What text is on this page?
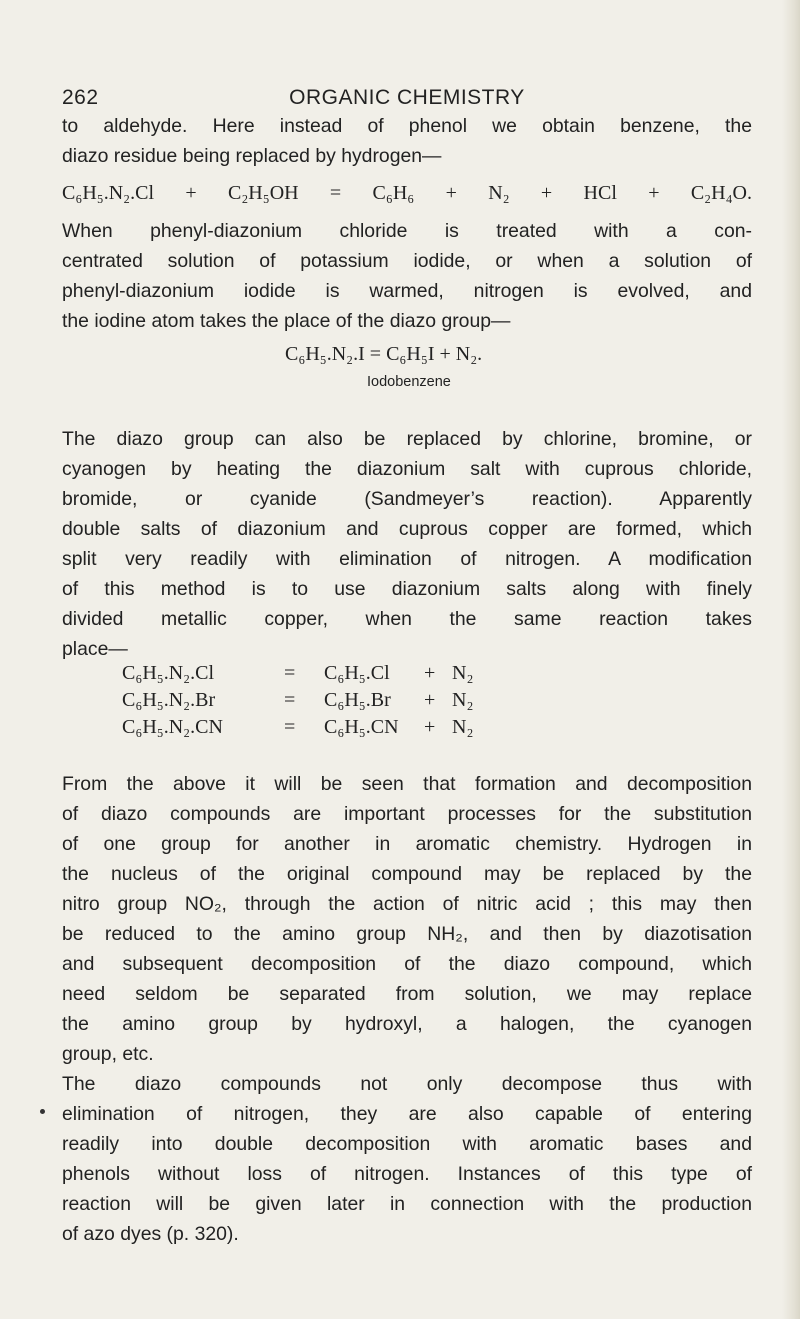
262	ORGANIC CHEMISTRY
to aldehyde. Here instead of phenol we obtain benzene, the
diazo residue being replaced by hydrogen—
C₆H₅.N₂.Cl + C₂H₅OH = C₆H₆ + N₂ + HCl + C₂H₄O.
When phenyl-diazonium chloride is treated with a con-
centrated solution of potassium iodide, or when a solution of
phenyl-diazonium iodide is warmed, nitrogen is evolved, and
the iodine atom takes the place of the diazo group—
C₆H₅.N₂.I = C₆H₅I + N₂.
Iodobenzene
The diazo group can also be replaced by chlorine, bromine, or
cyanogen by heating the diazonium salt with cuprous chloride,
bromide, or cyanide (Sandmeyer’s reaction). Apparently
double salts of diazonium and cuprous copper are formed, which
split very readily with elimination of nitrogen. A modification
of this method is to use diazonium salts along with finely
divided metallic copper, when the same reaction takes
place—
C₆H₅.N₂.Cl	= C₆H₅.Cl + N₂
C₆H₅.N₂.Br	= C₆H₅.Br + N₂
C₆H₅.N₂.CN	= C₆H₅.CN + N₂
From the above it will be seen that formation and decomposition
of diazo compounds are important processes for the substitution
of one group for another in aromatic chemistry. Hydrogen in
the nucleus of the original compound may be replaced by the
nitro group NO₂, through the action of nitric acid ; this may then
be reduced to the amino group NH₂, and then by diazotisation
and subsequent decomposition of the diazo compound, which
need seldom be separated from solution, we may replace
the amino group by hydroxyl, a halogen, the cyanogen
group, etc.
The diazo compounds not only decompose thus with
elimination of nitrogen, they are also capable of entering
readily into double decomposition with aromatic bases and
phenols without loss of nitrogen. Instances of this type of
reaction will be given later in connection with the production
of azo dyes (p. 320).
